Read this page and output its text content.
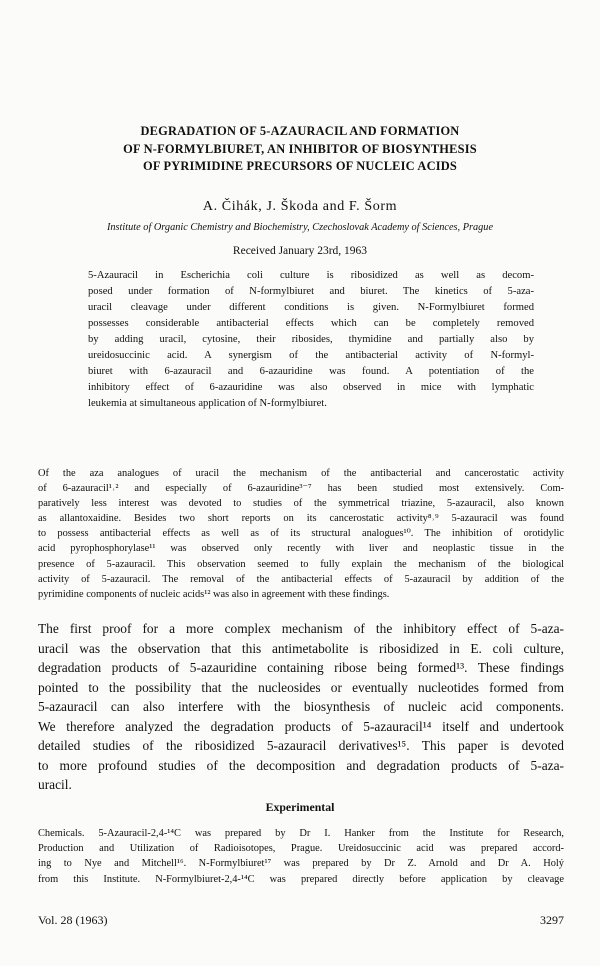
DEGRADATION OF 5-AZAURACIL AND FORMATION
OF N-FORMYLBIURET, AN INHIBITOR OF BIOSYNTHESIS
OF PYRIMIDINE PRECURSORS OF NUCLEIC ACIDS
A. Čihák, J. Škoda and F. Šorm
Institute of Organic Chemistry and Biochemistry, Czechoslovak Academy of Sciences, Prague
Received January 23rd, 1963
5-Azauracil in Escherichia coli culture is ribosidized as well as decom-
posed under formation of N-formylbiuret and biuret. The kinetics of 5-aza-
uracil cleavage under different conditions is given. N-Formylbiuret formed
possesses considerable antibacterial effects which can be completely removed
by adding uracil, cytosine, their ribosides, thymidine and partially also by
ureidosuccinic acid. A synergism of the antibacterial activity of N-formyl-
biuret with 6-azauracil and 6-azauridine was found. A potentiation of the
inhibitory effect of 6-azauridine was also observed in mice with lymphatic
leukemia at simultaneous application of N-formylbiuret.
Of the aza analogues of uracil the mechanism of the antibacterial and cancerostatic activity
of 6-azauracil¹˒² and especially of 6-azauridine³⁻⁷ has been studied most extensively. Com-
paratively less interest was devoted to studies of the symmetrical triazine, 5-azauracil, also known
as allantoxaidine. Besides two short reports on its cancerostatic activity⁸˒⁹ 5-azauracil was found
to possess antibacterial effects as well as of its structural analogues¹⁰. The inhibition of orotidylic
acid pyrophosphorylase¹¹ was observed only recently with liver and neoplastic tissue in the
presence of 5-azauracil. This observation seemed to fully explain the mechanism of the biological
activity of 5-azauracil. The removal of the antibacterial effects of 5-azauracil by addition of the
pyrimidine components of nucleic acids¹² was also in agreement with these findings.
The first proof for a more complex mechanism of the inhibitory effect of 5-aza-
uracil was the observation that this antimetabolite is ribosidized in E. coli culture,
degradation products of 5-azauridine containing ribose being formed¹³. These findings
pointed to the possibility that the nucleosides or eventually nucleotides formed from
5-azauracil can also interfere with the biosynthesis of nucleic acid components.
We therefore analyzed the degradation products of 5-azauracil¹⁴ itself and undertook
detailed studies of the ribosidized 5-azauracil derivatives¹⁵. This paper is devoted
to more profound studies of the decomposition and degradation products of 5-aza-
uracil.
Experimental
Chemicals. 5-Azauracil-2,4-¹⁴C was prepared by Dr I. Hanker from the Institute for Research,
Production and Utilization of Radioisotopes, Prague. Ureidosuccinic acid was prepared accord-
ing to Nye and Mitchell¹⁶. N-Formylbiuret¹⁷ was prepared by Dr Z. Arnold and Dr A. Holý
from this Institute. N-Formylbiuret-2,4-¹⁴C was prepared directly before application by cleavage
Vol. 28 (1963)	3297
